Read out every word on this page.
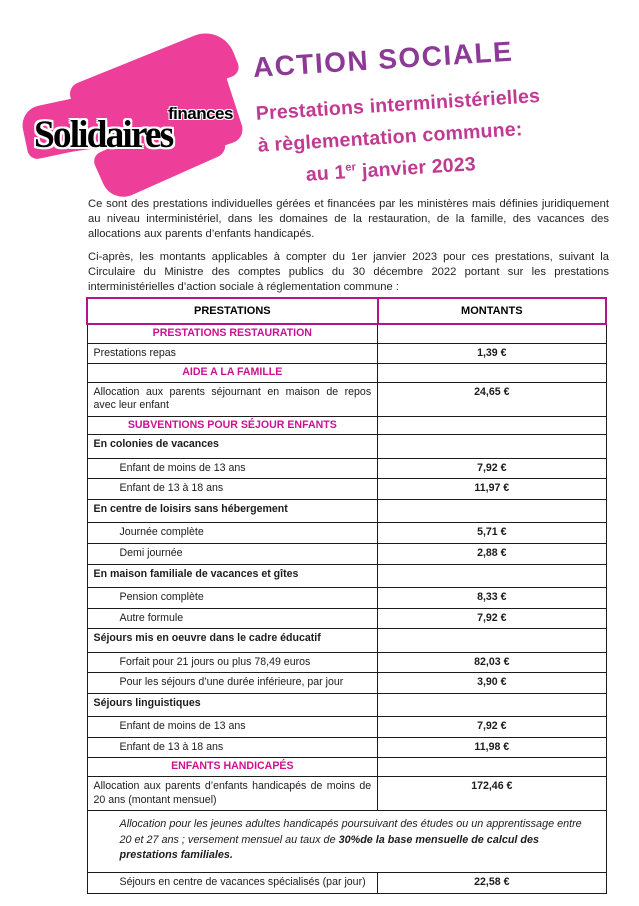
finances
Solidaires
ACTION SOCIALE
Prestations interministérielles
à règlementation commune:
au 1er janvier 2023

Ce sont des prestations individuelles gérées et financées par les ministères mais définies juridiquement au niveau interministériel, dans les domaines de la restauration, de la famille, des vacances des allocations aux parents d’enfants handicapés.

Ci-après, les montants applicables à compter du 1er janvier 2023 pour ces prestations, suivant la Circulaire du Ministre des comptes publics du 30 décembre 2022 portant sur les prestations interministérielles d’action sociale à réglementation commune :

PRESTATIONS	MONTANTS
PRESTATIONS RESTAURATION	
Prestations repas	1,39 €
AIDE A LA FAMILLE	
Allocation aux parents séjournant en maison de repos avec leur enfant	24,65 €
SUBVENTIONS POUR SÉJOUR ENFANTS	
En colonies de vacances	
Enfant de moins de 13 ans	7,92 €
Enfant de 13 à 18 ans	11,97 €
En centre de loisirs sans hébergement	
Journée complète	5,71 €
Demi journée	2,88 €
En maison familiale de vacances et gîtes	
Pension complète	8,33 €
Autre formule	7,92 €
Séjours mis en oeuvre dans le cadre éducatif	
Forfait pour 21 jours ou plus 78,49 euros	82,03 €
Pour les séjours d’une durée inférieure, par jour	3,90 €
Séjours linguistiques	
Enfant de moins de 13 ans	7,92 €
Enfant de 13 à 18 ans	11,98 €
ENFANTS HANDICAPÉS	
Allocation aux parents d’enfants handicapés de moins de 20 ans (montant mensuel)	172,46 €
Allocation pour les jeunes adultes handicapés poursuivant des études ou un apprentissage entre 20 et 27 ans ; versement mensuel au taux de 30%de la base mensuelle de calcul des prestations familiales.	
Séjours en centre de vacances spécialisés (par jour)	22,58 €
